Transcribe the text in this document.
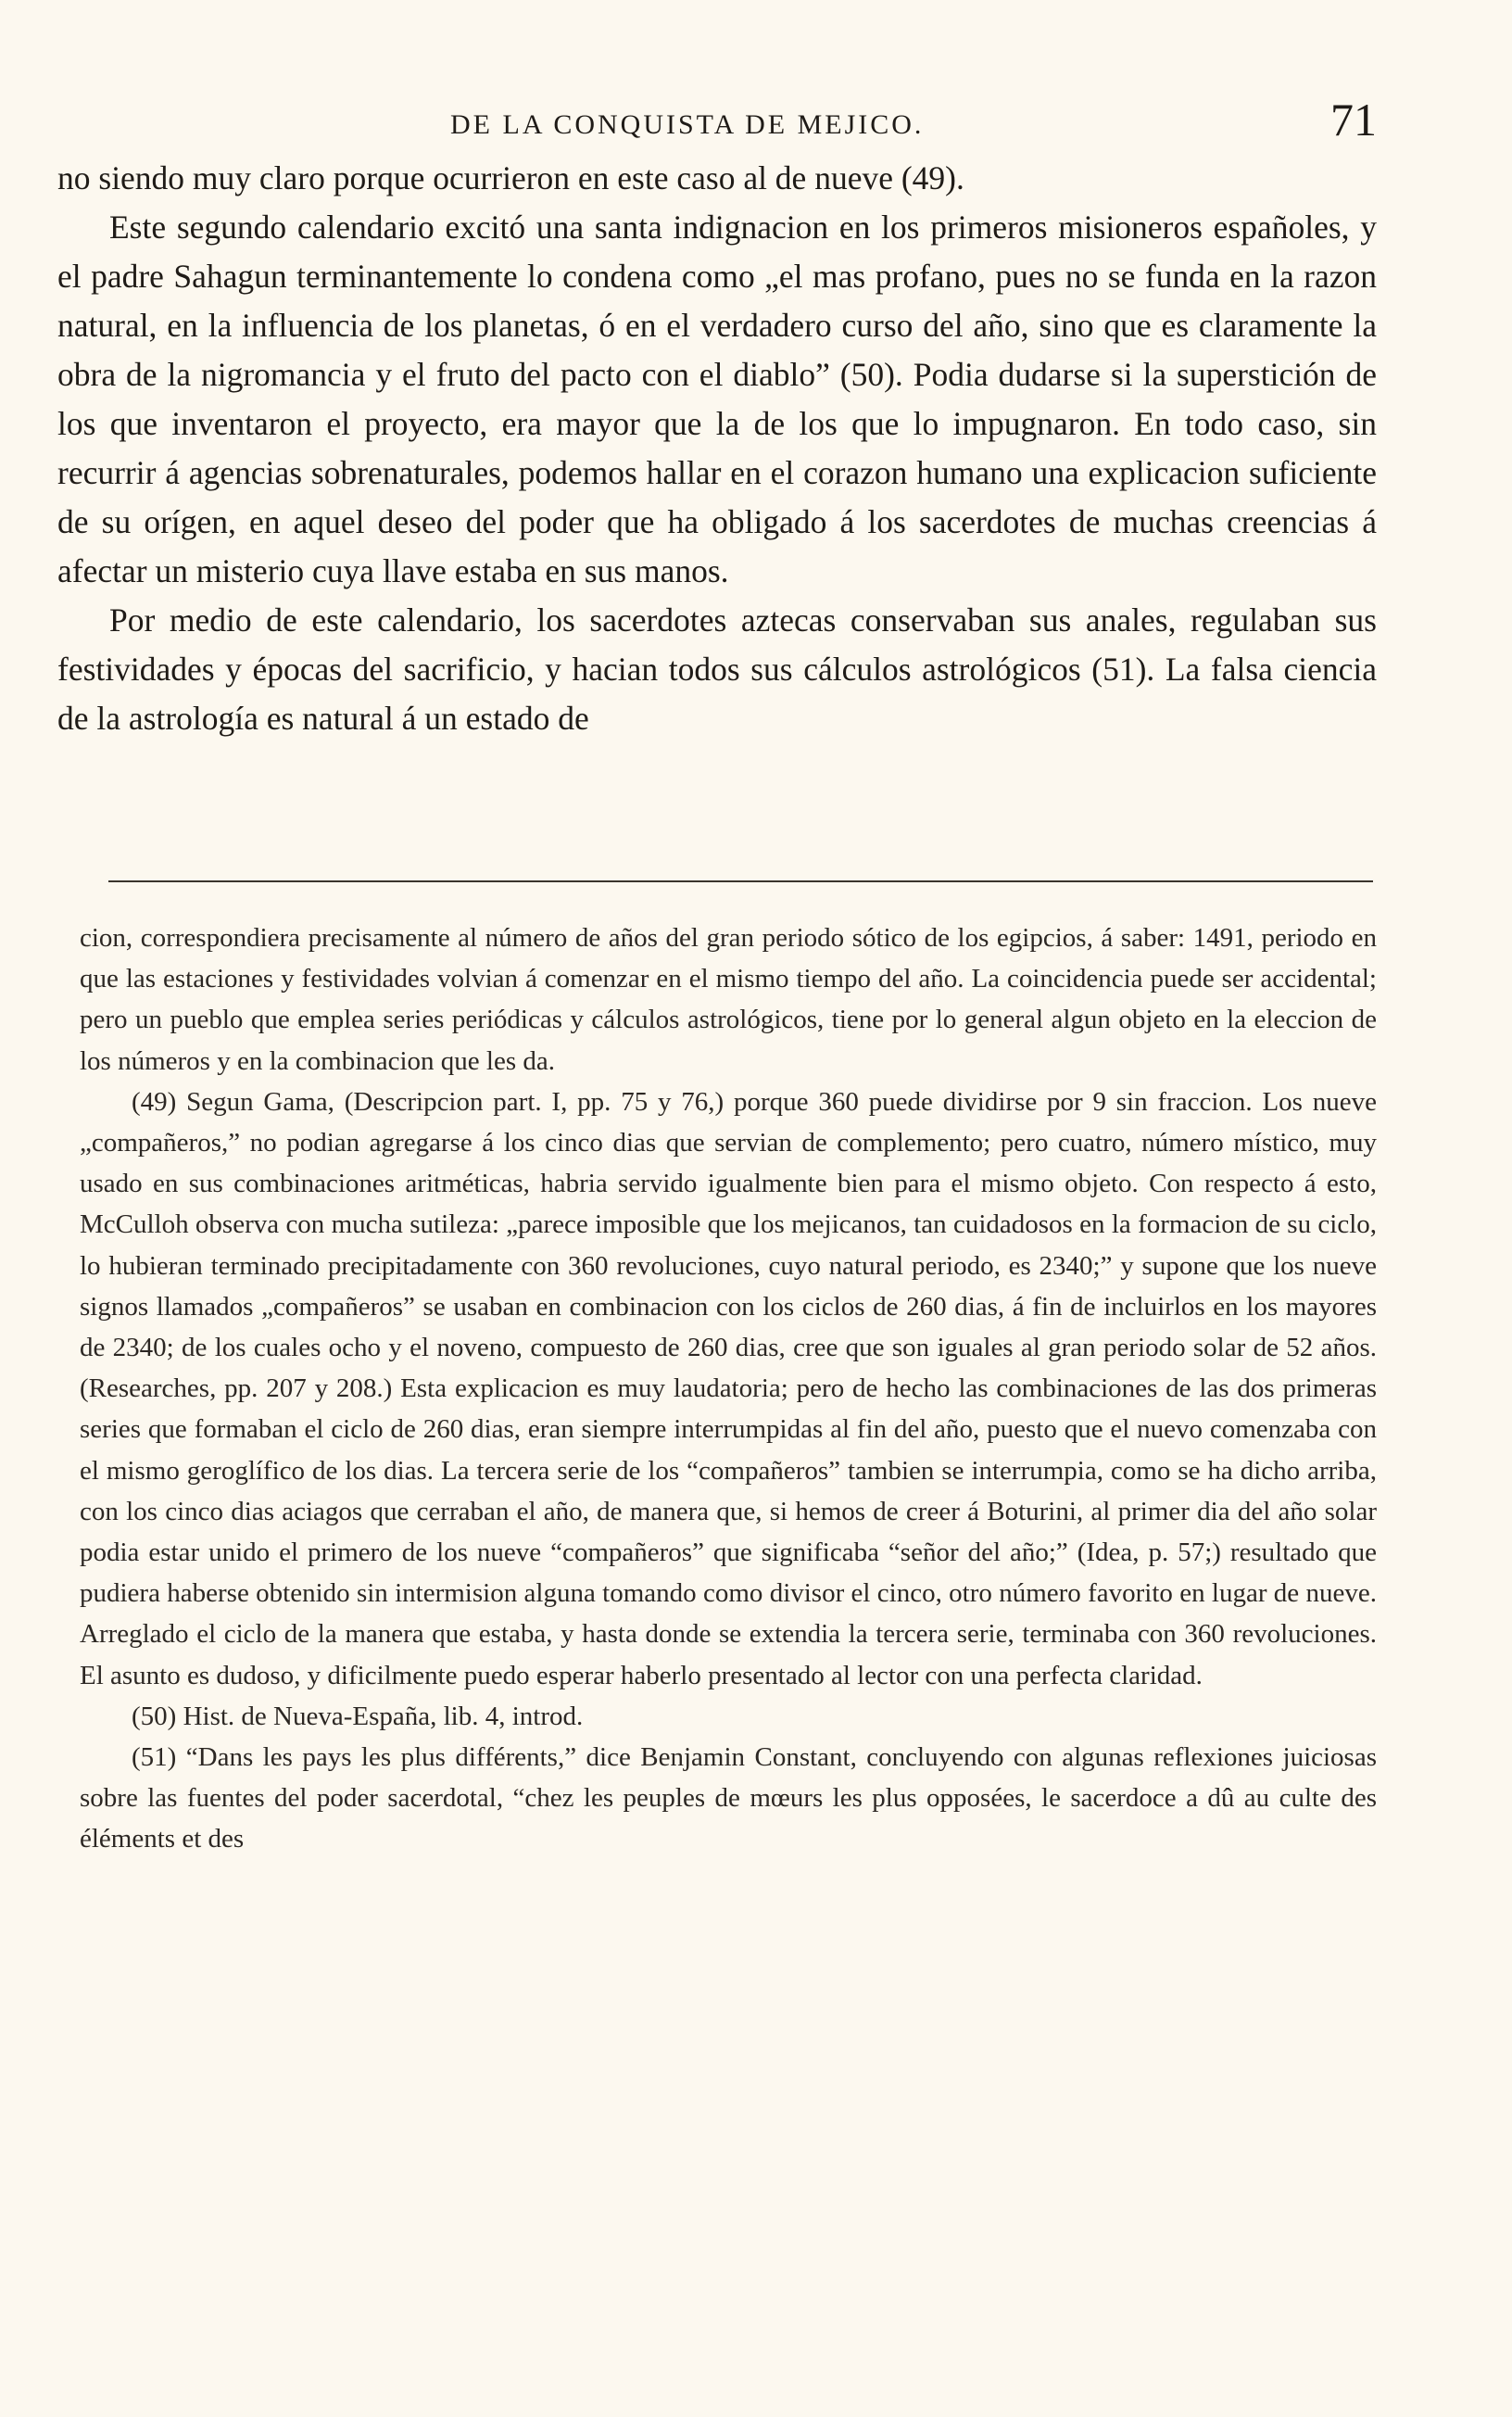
DE LA CONQUISTA DE MEJICO.	71

no siendo muy claro porque ocurrieron en este caso al de nueve (49).

Este segundo calendario excitó una santa indignacion en los primeros misioneros españoles, y el padre Sahagun terminantemente lo condena como „el mas profano, pues no se funda en la razon natural, en la influencia de los planetas, ó en el verdadero curso del año, sino que es claramente la obra de la nigromancia y el fruto del pacto con el diablo” (50). Podia dudarse si la superstición de los que inventaron el proyecto, era mayor que la de los que lo impugnaron. En todo caso, sin recurrir á agencias sobrenaturales, podemos hallar en el corazon humano una explicacion suficiente de su orígen, en aquel deseo del poder que ha obligado á los sacerdotes de muchas creencias á afectar un misterio cuya llave estaba en sus manos.

Por medio de este calendario, los sacerdotes aztecas conservaban sus anales, regulaban sus festividades y épocas del sacrificio, y hacian todos sus cálculos astrológicos (51). La falsa ciencia de la astrología es natural á un estado de

cion, correspondiera precisamente al número de años del gran periodo sótico de los egipcios, á saber: 1491, periodo en que las estaciones y festividades volvian á comenzar en el mismo tiempo del año. La coincidencia puede ser accidental; pero un pueblo que emplea series periódicas y cálculos astrológicos, tiene por lo general algun objeto en la eleccion de los números y en la combinacion que les da.

(49) Segun Gama, (Descripcion part. I, pp. 75 y 76,) porque 360 puede dividirse por 9 sin fraccion. Los nueve „compañeros,” no podian agregarse á los cinco dias que servian de complemento; pero cuatro, número místico, muy usado en sus combinaciones aritméticas, habria servido igualmente bien para el mismo objeto. Con respecto á esto, McCulloh observa con mucha sutileza: „parece imposible que los mejicanos, tan cuidadosos en la formacion de su ciclo, lo hubieran terminado precipitadamente con 360 revoluciones, cuyo natural periodo, es 2340;” y supone que los nueve signos llamados „compañeros” se usaban en combinacion con los ciclos de 260 dias, á fin de incluirlos en los mayores de 2340; de los cuales ocho y el noveno, compuesto de 260 dias, cree que son iguales al gran periodo solar de 52 años. (Researches, pp. 207 y 208.) Esta explicacion es muy laudatoria; pero de hecho las combinaciones de las dos primeras series que formaban el ciclo de 260 dias, eran siempre interrumpidas al fin del año, puesto que el nuevo comenzaba con el mismo geroglífico de los dias. La tercera serie de los “compañeros” tambien se interrumpia, como se ha dicho arriba, con los cinco dias aciagos que cerraban el año, de manera que, si hemos de creer á Boturini, al primer dia del año solar podia estar unido el primero de los nueve “compañeros” que significaba “señor del año;” (Idea, p. 57;) resultado que pudiera haberse obtenido sin intermision alguna tomando como divisor el cinco, otro número favorito en lugar de nueve. Arreglado el ciclo de la manera que estaba, y hasta donde se extendia la tercera serie, terminaba con 360 revoluciones. El asunto es dudoso, y dificilmente puedo esperar haberlo presentado al lector con una perfecta claridad.

(50) Hist. de Nueva-España, lib. 4, introd.

(51) “Dans les pays les plus différents,” dice Benjamin Constant, concluyendo con algunas reflexiones juiciosas sobre las fuentes del poder sacerdotal, “chez les peuples de mœurs les plus opposées, le sacerdoce a dû au culte des éléments et des
